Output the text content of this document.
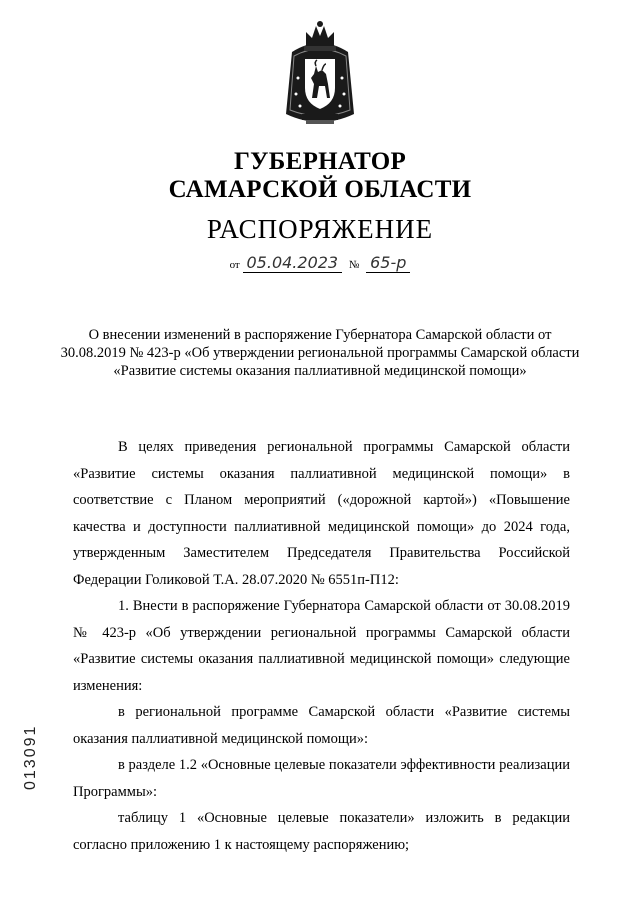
ГУБЕРНАТОР
САМАРСКОЙ ОБЛАСТИ
РАСПОРЯЖЕНИЕ
от 05.04.2023 № 65-р
О внесении изменений в распоряжение Губернатора Самарской области от 30.08.2019 № 423-р «Об утверждении региональной программы Самарской области «Развитие системы оказания паллиативной медицинской помощи»

В целях приведения региональной программы Самарской области «Развитие системы оказания паллиативной медицинской помощи» в соответствие с Планом мероприятий («дорожной картой») «Повышение качества и доступности паллиативной медицинской помощи» до 2024 года, утвержденным Заместителем Председателя Правительства Российской Федерации Голиковой Т.А. 28.07.2020 № 6551п-П12:

1. Внести в распоряжение Губернатора Самарской области от 30.08.2019 № 423-р «Об утверждении региональной программы Самарской области «Развитие системы оказания паллиативной медицинской помощи» следующие изменения:

в региональной программе Самарской области «Развитие системы оказания паллиативной медицинской помощи»:

в разделе 1.2 «Основные целевые показатели эффективности реализации Программы»:

таблицу 1 «Основные целевые показатели» изложить в редакции согласно приложению 1 к настоящему распоряжению;

013091
